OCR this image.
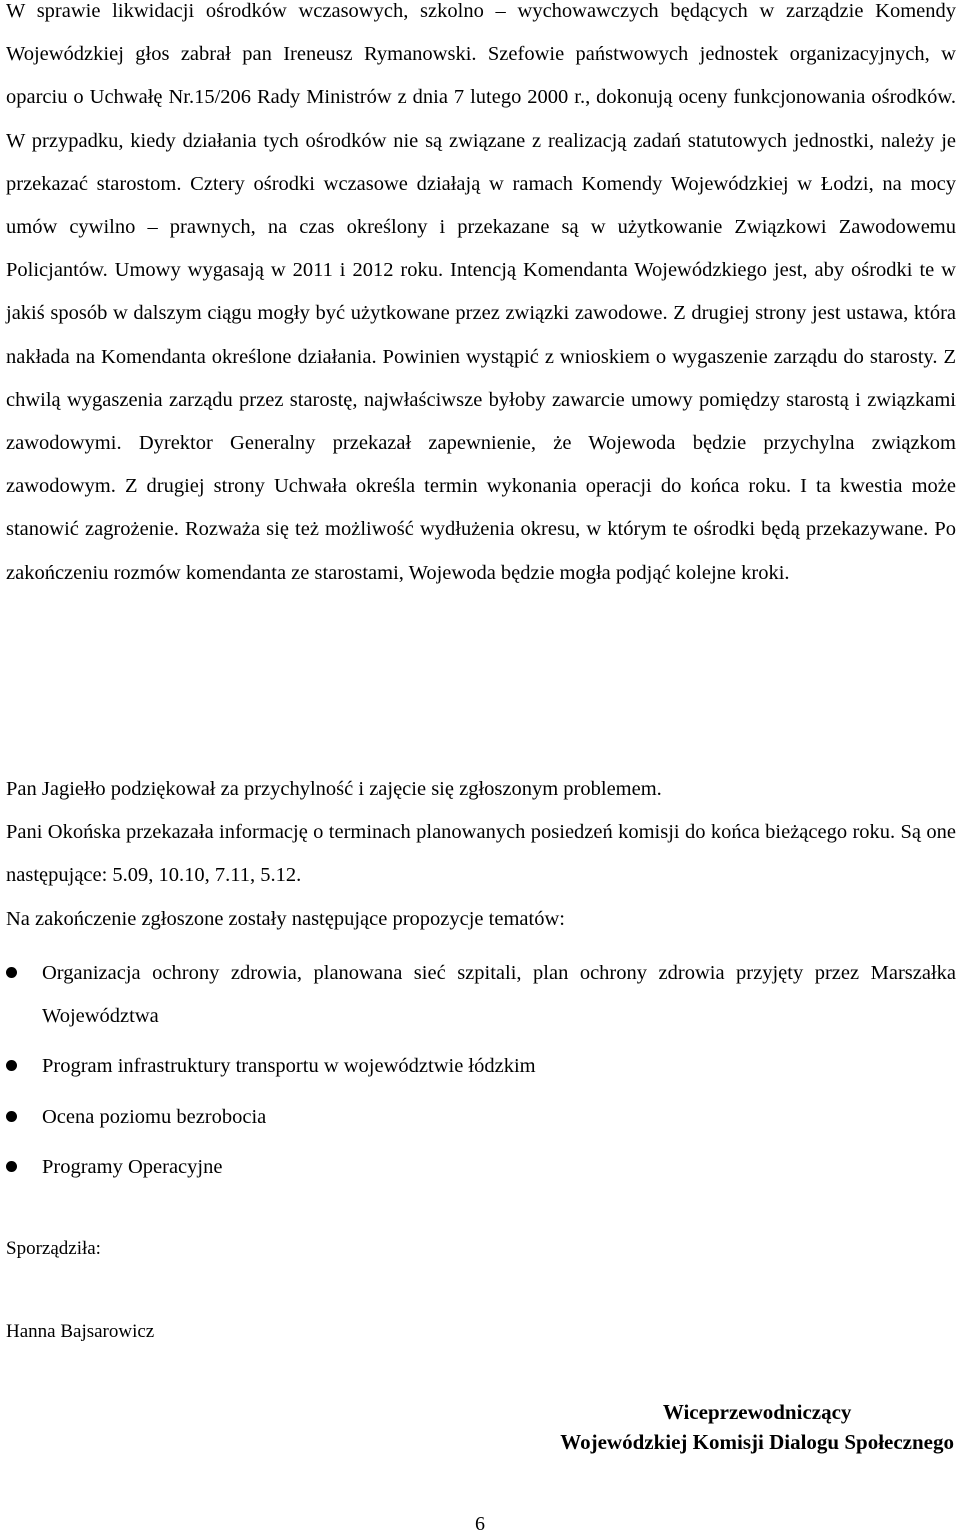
W sprawie likwidacji ośrodków wczasowych, szkolno – wychowawczych będących w zarządzie Komendy Wojewódzkiej głos zabrał pan Ireneusz Rymanowski. Szefowie państwowych jednostek organizacyjnych, w oparciu o Uchwałę Nr.15/206 Rady Ministrów z dnia 7 lutego 2000 r., dokonują oceny funkcjonowania ośrodków. W przypadku, kiedy działania tych ośrodków nie są związane z realizacją zadań statutowych jednostki, należy je przekazać starostom. Cztery ośrodki wczasowe działają w ramach Komendy Wojewódzkiej w Łodzi, na mocy umów cywilno – prawnych, na czas określony i przekazane są w użytkowanie Związkowi Zawodowemu Policjantów. Umowy wygasają w 2011 i 2012 roku. Intencją Komendanta Wojewódzkiego jest, aby ośrodki te w jakiś sposób w dalszym ciągu mogły być użytkowane przez związki zawodowe. Z drugiej strony jest ustawa, która nakłada na Komendanta określone działania. Powinien wystąpić z wnioskiem o wygaszenie zarządu do starosty. Z chwilą wygaszenia zarządu przez starostę, najwłaściwsze byłoby zawarcie umowy pomiędzy starostą i związkami zawodowymi. Dyrektor Generalny przekazał zapewnienie, że Wojewoda będzie przychylna związkom zawodowym. Z drugiej strony Uchwała określa termin wykonania operacji do końca roku. I ta kwestia może stanowić zagrożenie. Rozważa się też możliwość wydłużenia okresu, w którym te ośrodki będą przekazywane. Po zakończeniu rozmów komendanta ze starostami, Wojewoda będzie mogła podjąć kolejne kroki.

Pan Jagiełło podziękował za przychylność i zajęcie się zgłoszonym problemem.

Pani Okońska przekazała informację o terminach planowanych posiedzeń komisji do końca bieżącego roku. Są one następujące: 5.09, 10.10, 7.11, 5.12.

Na zakończenie zgłoszone zostały następujące propozycje tematów:

Organizacja ochrony zdrowia, planowana sieć szpitali, plan ochrony zdrowia przyjęty przez Marszałka Województwa
Program infrastruktury transportu w województwie łódzkim
Ocena poziomu bezrobocia
Programy Operacyjne
Sporządziła:
Hanna Bajsarowicz
Wiceprzewodniczący
Wojewódzkiej Komisji Dialogu Społecznego
6
